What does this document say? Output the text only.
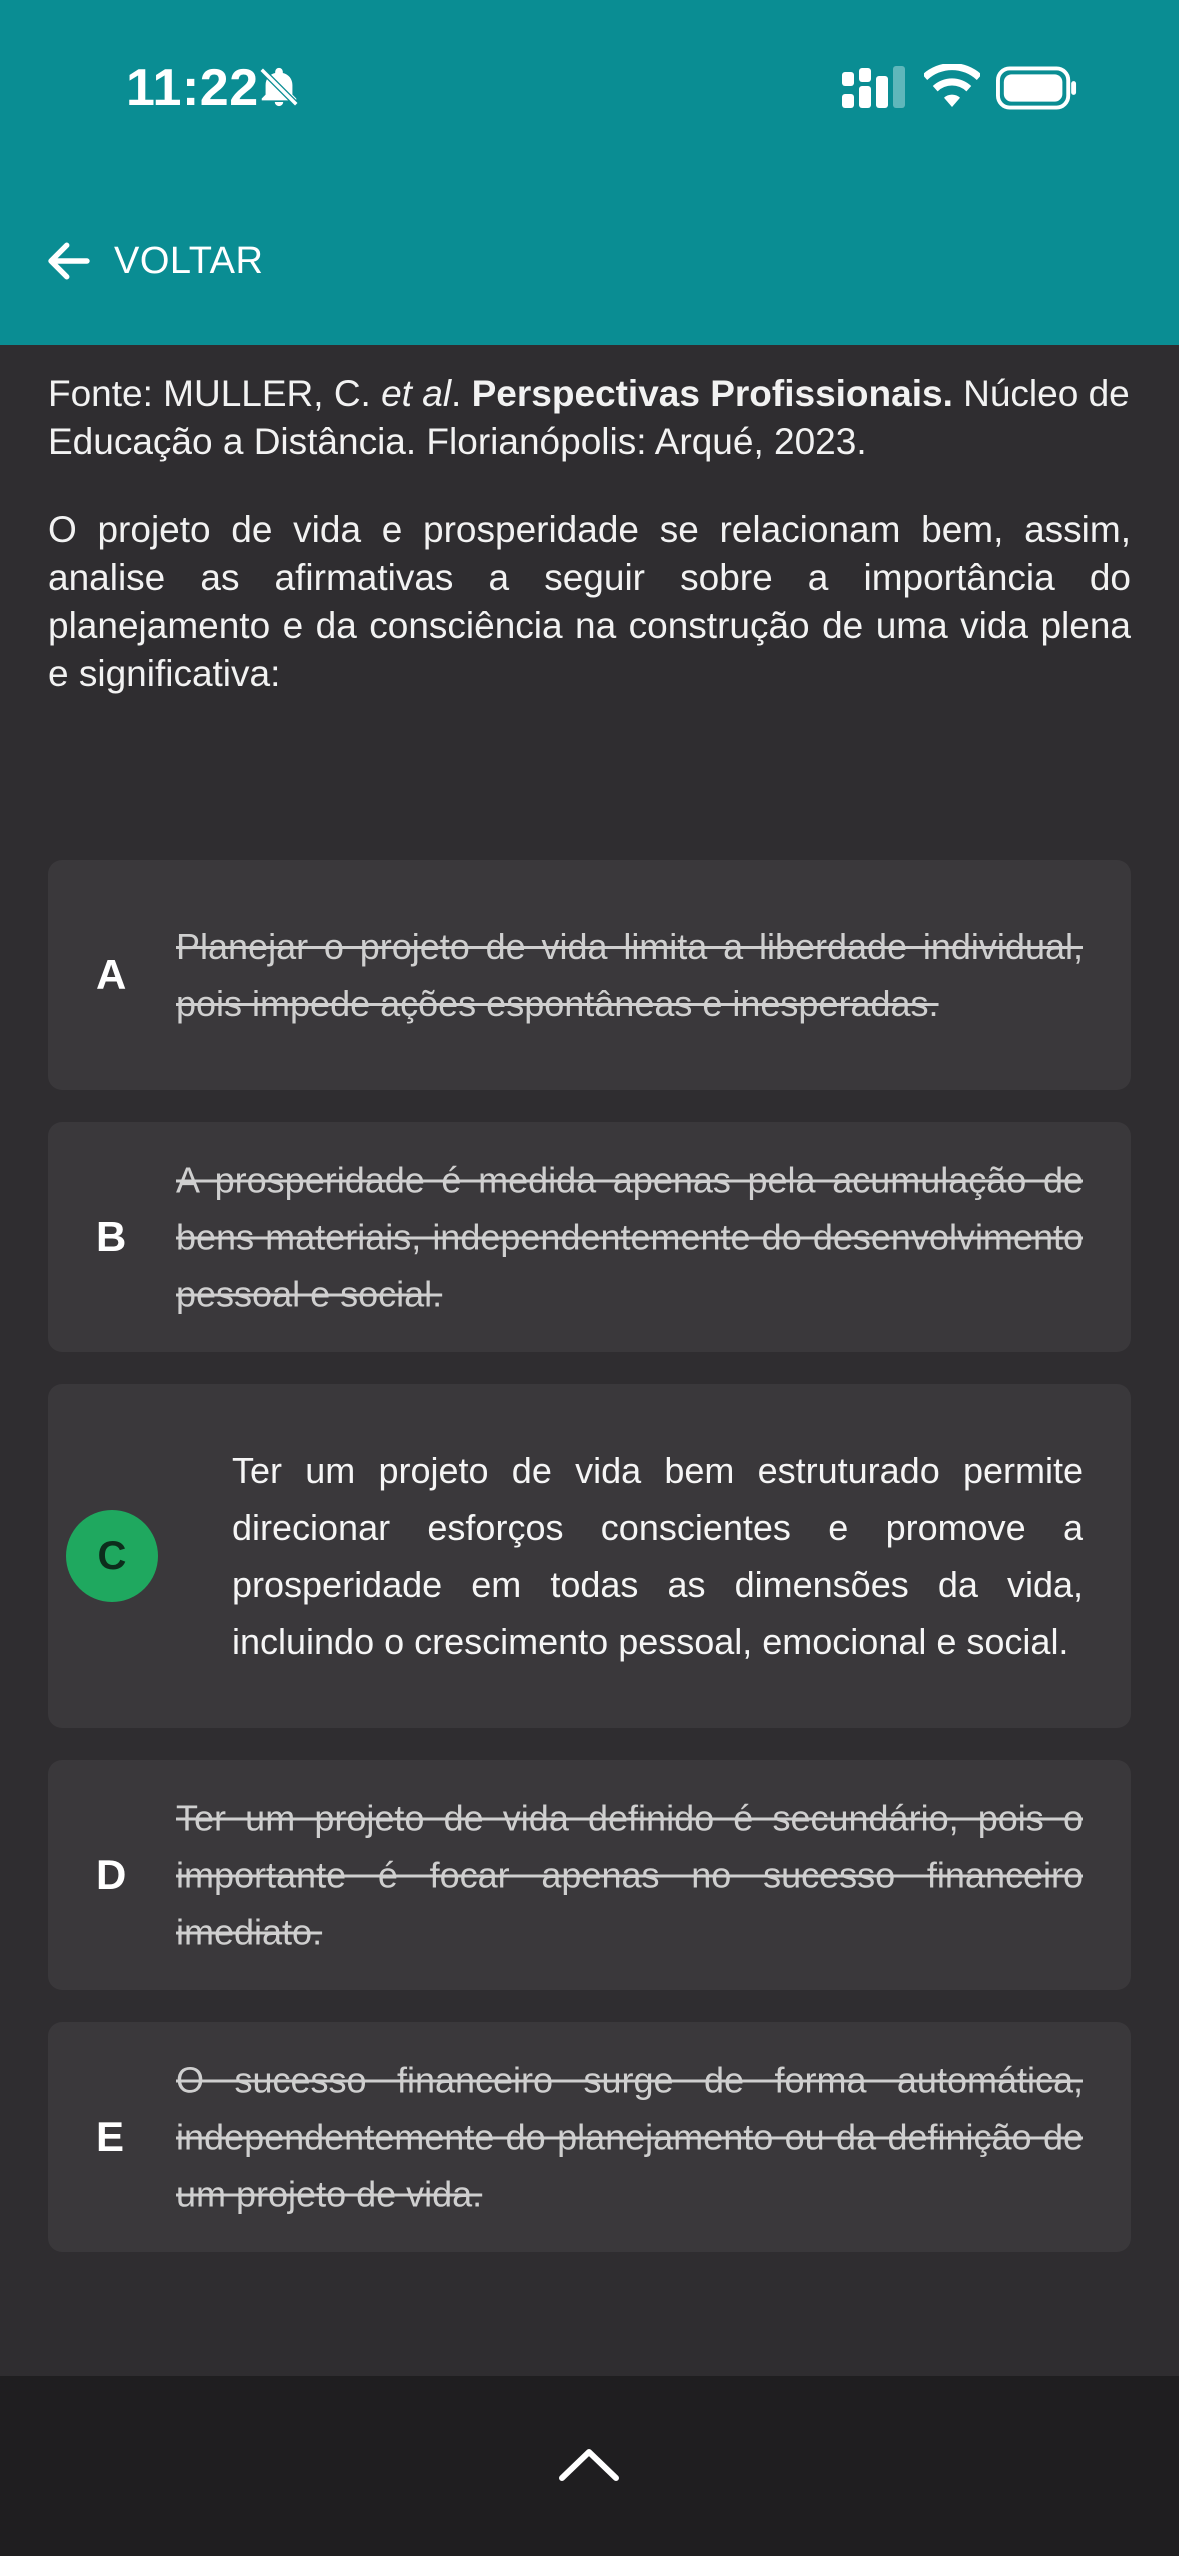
11:22
VOLTAR

Fonte: MULLER, C. et al. Perspectivas Profissionais. Núcleo de Educação a Distância. Florianópolis: Arqué, 2023.

O projeto de vida e prosperidade se relacionam bem, assim, analise as afirmativas a seguir sobre a importância do planejamento e da consciência na construção de uma vida plena e significativa:

A
Planejar o projeto de vida limita a liberdade individual, pois impede ações espontâneas e inesperadas.
B
A prosperidade é medida apenas pela acumulação de bens materiais, independentemente do desenvolvimento pessoal e social.
C
Ter um projeto de vida bem estruturado permite direcionar esforços conscientes e promove a prosperidade em todas as dimensões da vida, incluindo o crescimento pessoal, emocional e social.
D
Ter um projeto de vida definido é secundário, pois o importante é focar apenas no sucesso financeiro imediato.
E
O sucesso financeiro surge de forma automática, independentemente do planejamento ou da definição de um projeto de vida.
